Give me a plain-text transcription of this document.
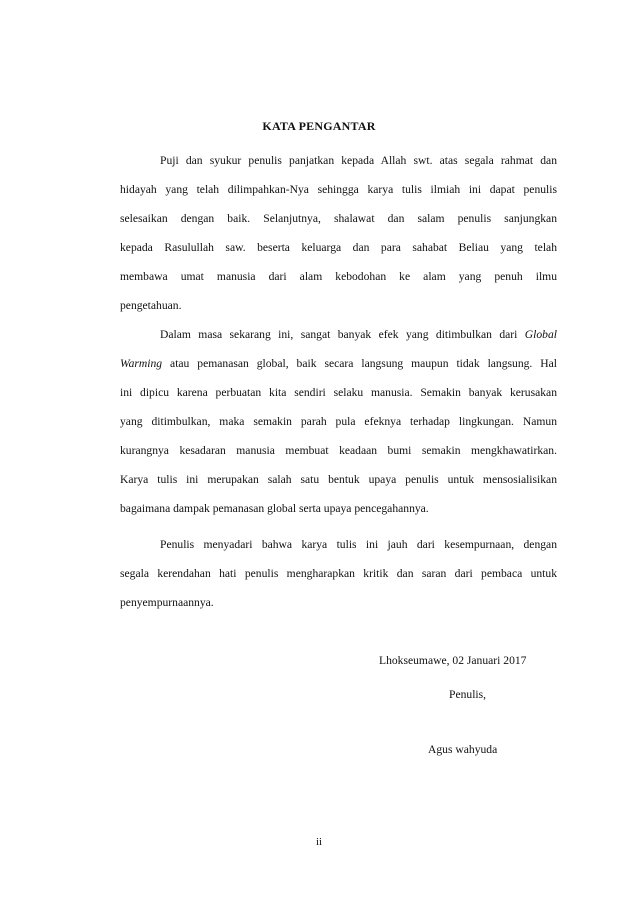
KATA PENGANTAR
Puji dan syukur penulis panjatkan kepada Allah swt. atas segala rahmat dan
hidayah yang telah dilimpahkan-Nya sehingga karya tulis ilmiah ini dapat penulis
selesaikan dengan baik. Selanjutnya, shalawat dan salam penulis sanjungkan
kepada Rasulullah saw. beserta keluarga dan para sahabat Beliau yang telah
membawa umat manusia dari alam kebodohan ke alam yang penuh ilmu
pengetahuan.
Dalam masa sekarang ini, sangat banyak efek yang ditimbulkan dari Global
Warming atau pemanasan global, baik secara langsung maupun tidak langsung. Hal
ini dipicu karena perbuatan kita sendiri selaku manusia. Semakin banyak kerusakan
yang ditimbulkan, maka semakin parah pula efeknya terhadap lingkungan. Namun
kurangnya kesadaran manusia membuat keadaan bumi semakin mengkhawatirkan.
Karya tulis ini merupakan salah satu bentuk upaya penulis untuk mensosialisikan
bagaimana dampak pemanasan global serta upaya pencegahannya.
Penulis menyadari bahwa karya tulis ini jauh dari kesempurnaan, dengan
segala kerendahan hati penulis mengharapkan kritik dan saran dari pembaca untuk
penyempurnaannya.
Lhokseumawe, 02 Januari 2017
Penulis,
Agus wahyuda
ii
